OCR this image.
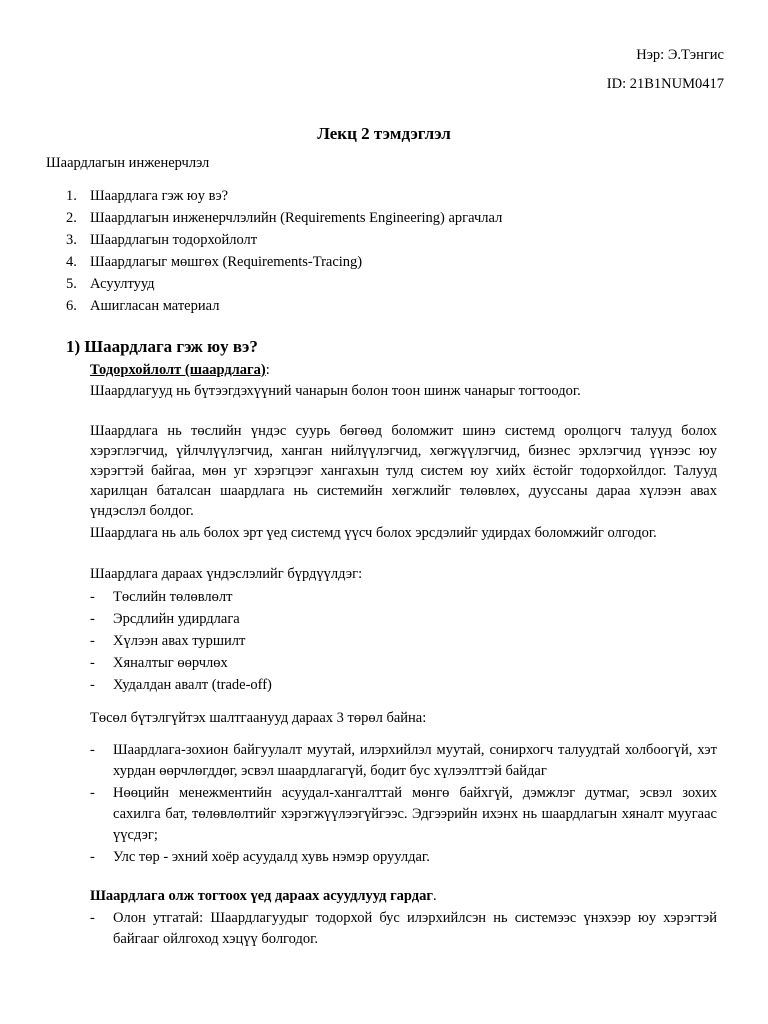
Нэр: Э.Тэнгис
ID: 21B1NUM0417
Лекц 2 тэмдэглэл
Шаардлагын инженерчлэл
1. Шаардлага гэж юу вэ?
2. Шаардлагын инженерчлэлийн (Requirements Engineering) аргачлал
3. Шаардлагын тодорхойлолт
4. Шаардлагыг мөшгөх (Requirements-Tracing)
5. Асуултууд
6. Ашигласан материал
1) Шаардлага гэж юу вэ?
Тодорхойлолт (шаардлага):
Шаардлагууд нь бүтээгдэхүүний чанарын болон тоон шинж чанарыг тогтоодог.
Шаардлага нь төслийн үндэс суурь бөгөөд боломжит шинэ системд оролцогч талууд болох хэрэглэгчид, үйлчлүүлэгчид, ханган нийлүүлэгчид, хөгжүүлэгчид, бизнес эрхлэгчид үүнээс юу хэрэгтэй байгаа, мөн уг хэрэгцээг хангахын тулд систем юу хийх ёстойг тодорхойлдог. Талууд харилцан баталсан шаардлага нь системийн хөгжлийг төлөвлөх, дууссаны дараа хүлээн авах үндэслэл болдог.
Шаардлага нь аль болох эрт үед системд үүсч болох эрсдэлийг удирдах боломжийг олгодог.
Шаардлага дараах үндэслэлийг бүрдүүлдэг:
- Төслийн төлөвлөлт
- Эрсдлийн удирдлага
- Хүлээн авах туршилт
- Хяналтыг өөрчлөх
- Худалдан авалт (trade-off)
Төсөл бүтэлгүйтэх шалтгаанууд дараах 3 төрөл байна:
- Шаардлага-зохион байгуулалт муутай, илэрхийлэл муутай, сонирхогч талуудтай холбоогүй, хэт хурдан өөрчлөгддөг, эсвэл шаардлагагүй, бодит бус хүлээлттэй байдаг
- Нөөцийн менежментийн асуудал-хангалттай мөнгө байхгүй, дэмжлэг дутмаг, эсвэл зохих сахилга бат, төлөвлөлтийг хэрэгжүүлээгүйгээс. Эдгээрийн ихэнх нь шаардлагын хяналт муугаас үүсдэг;
- Улс төр - эхний хоёр асуудалд хувь нэмэр оруулдаг.
Шаардлага олж тогтоох үед дараах асуудлууд гардаг.
- Олон утгатай: Шаардлагуудыг тодорхой бус илэрхийлсэн нь системээс үнэхээр юу хэрэгтэй байгааг ойлгоход хэцүү болгодог.
